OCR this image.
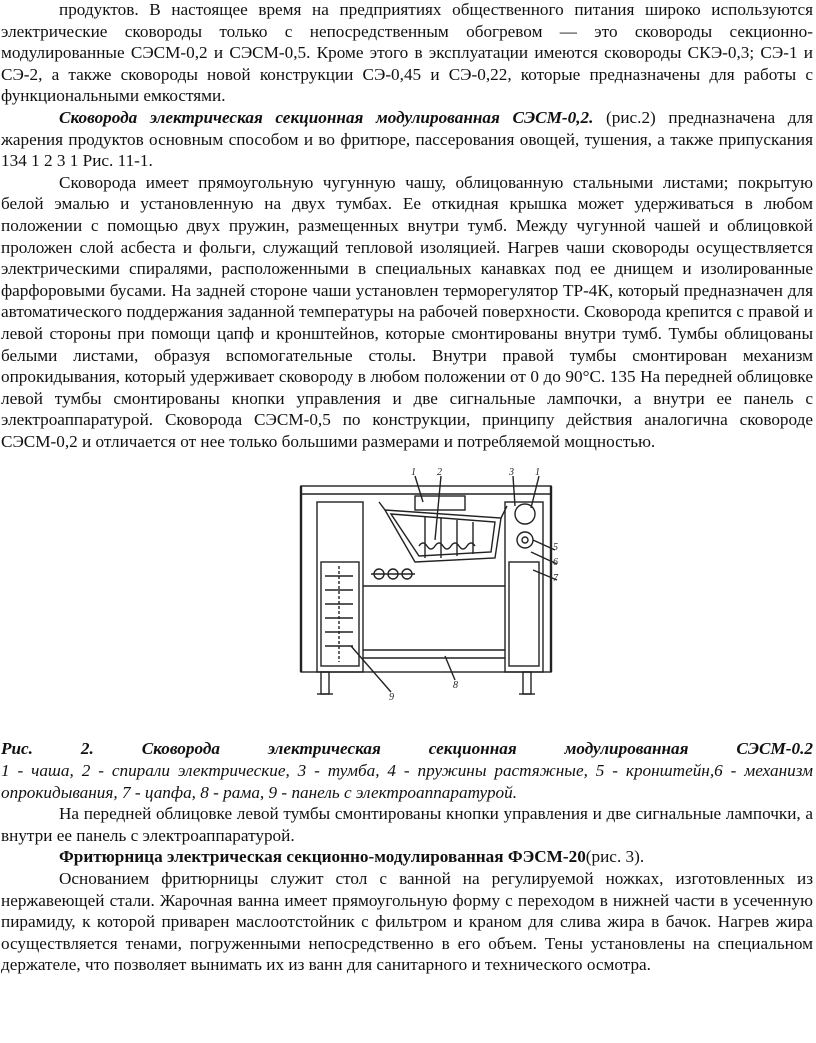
продуктов. В настоящее время на предприятиях общественного питания широко используются электрические сковороды только с непосредственным обогревом — это сковороды секционно-модулированные СЭСМ-0,2 и СЭСМ-0,5. Кроме этого в эксплуатации имеются сковороды СКЭ-0,3; СЭ-1 и СЭ-2, а также сковороды новой конструкции СЭ-0,45 и СЭ-0,22, которые предназначены для работы с функциональными емкостями.

Сковорода электрическая секционная модулированная СЭСМ-0,2. (рис.2) предназначена для жарения продуктов основным способом и во фритюре, пассерования овощей, тушения, а также припускания 134 1 2 3 1 Рис. 11-1.

Сковорода имеет прямоугольную чугунную чашу, облицованную стальными листами; покрытую белой эмалью и установленную на двух тумбах. Ее откидная крышка может удерживаться в любом положении с помощью двух пружин, размещенных внутри тумб. Между чугунной чашей и облицовкой проложен слой асбеста и фольги, служащий тепловой изоляцией. Нагрев чаши сковороды осуществляется электрическими спиралями, расположенными в специальных канавках под ее днищем и изолированные фарфоровыми бусами. На задней стороне чаши установлен терморегулятор ТР-4К, который предназначен для автоматического поддержания заданной температуры на рабочей поверхности. Сковорода крепится с правой и левой стороны при помощи цапф и кронштейнов, которые смонтированы внутри тумб. Тумбы облицованы белыми листами, образуя вспомогательные столы. Внутри правой тумбы смонтирован механизм опрокидывания, который удерживает сковороду в любом положении от 0 до 90°С. 135 На передней облицовке левой тумбы смонтированы кнопки управления и две сигнальные лампочки, а внутри ее панель с электроаппаратурой. Сковорода СЭСМ-0,5 по конструкции, принципу действия аналогична сковороде СЭСМ-0,2 и отличается от нее только большими размерами и потребляемой мощностью.

1 2	3 1
5
6
7
8
9

Рис. 2. Сковорода электрическая секционная модулированная СЭСМ-0.2

1 - чаша, 2 - спирали электрические, 3 - тумба, 4 - пружины растяжные, 5 - кронштейн,6 - механизм опрокидывания, 7 - цапфа, 8 - рама, 9 - панель с электроаппаратурой.

На передней облицовке левой тумбы смонтированы кнопки управления и две сигнальные лампочки, а внутри ее панель с электроаппаратурой.

Фритюрница электрическая секционно-модулированная ФЭСМ-20(рис. 3).

Основанием фритюрницы служит стол с ванной на регулируемой ножках, изготовленных из нержавеющей стали. Жарочная ванна имеет прямоугольную форму с переходом в нижней части в усеченную пирамиду, к которой приварен маслоотстойник с фильтром и краном для слива жира в бачок. Нагрев жира осуществляется тенами, погруженными непосредственно в его объем. Тены установлены на специальном держателе, что позволяет вынимать их из ванн для санитарного и технического осмотра.
